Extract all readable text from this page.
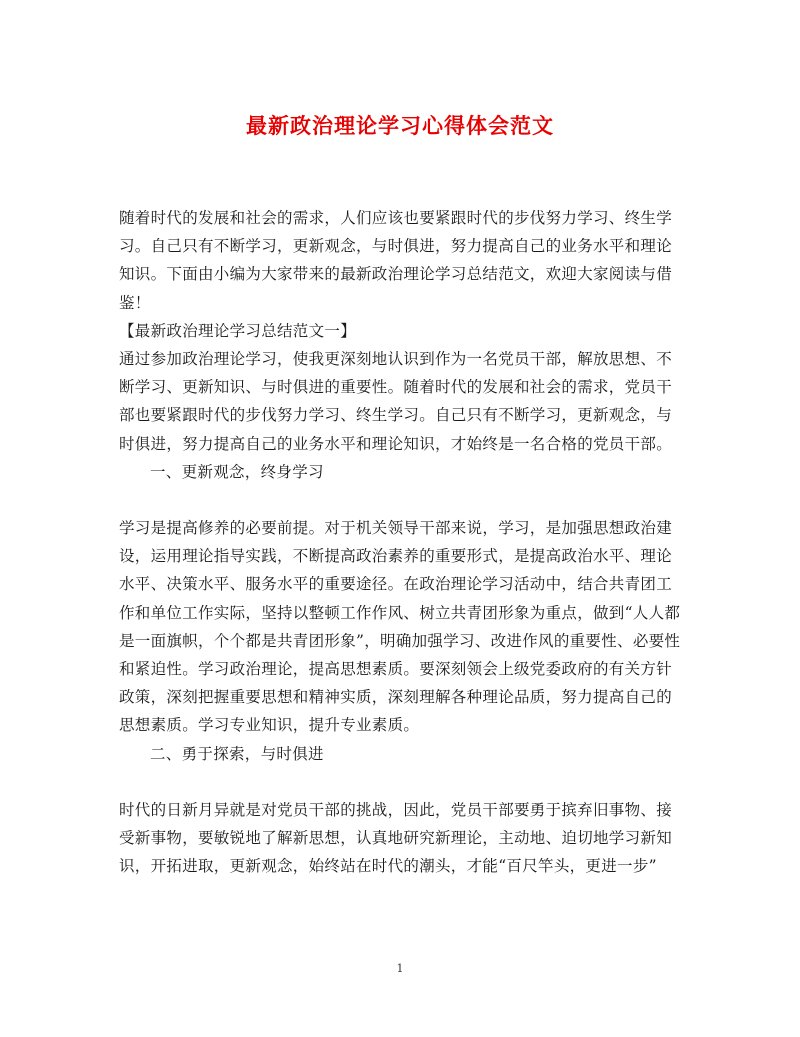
最新政治理论学习心得体会范文

随着时代的发展和社会的需求，人们应该也要紧跟时代的步伐努力学习、终生学习。自己只有不断学习，更新观念，与时俱进，努力提高自己的业务水平和理论知识。下面由小编为大家带来的最新政治理论学习总结范文，欢迎大家阅读与借鉴！

【最新政治理论学习总结范文一】

通过参加政治理论学习，使我更深刻地认识到作为一名党员干部，解放思想、不断学习、更新知识、与时俱进的重要性。随着时代的发展和社会的需求，党员干部也要紧跟时代的步伐努力学习、终生学习。自己只有不断学习，更新观念，与时俱进，努力提高自己的业务水平和理论知识，才始终是一名合格的党员干部。

一、更新观念，终身学习

学习是提高修养的必要前提。对于机关领导干部来说，学习，是加强思想政治建设，运用理论指导实践，不断提高政治素养的重要形式，是提高政治水平、理论水平、决策水平、服务水平的重要途径。在政治理论学习活动中，结合共青团工作和单位工作实际，坚持以整顿工作作风、树立共青团形象为重点，做到“人人都是一面旗帜，个个都是共青团形象”，明确加强学习、改进作风的重要性、必要性和紧迫性。学习政治理论，提高思想素质。要深刻领会上级党委政府的有关方针政策，深刻把握重要思想和精神实质，深刻理解各种理论品质，努力提高自己的思想素质。学习专业知识，提升专业素质。

二、勇于探索，与时俱进

时代的日新月异就是对党员干部的挑战，因此，党员干部要勇于摈弃旧事物、接受新事物，要敏锐地了解新思想，认真地研究新理论，主动地、迫切地学习新知识，开拓进取，更新观念，始终站在时代的潮头，才能“百尺竿头，更进一步”

1
